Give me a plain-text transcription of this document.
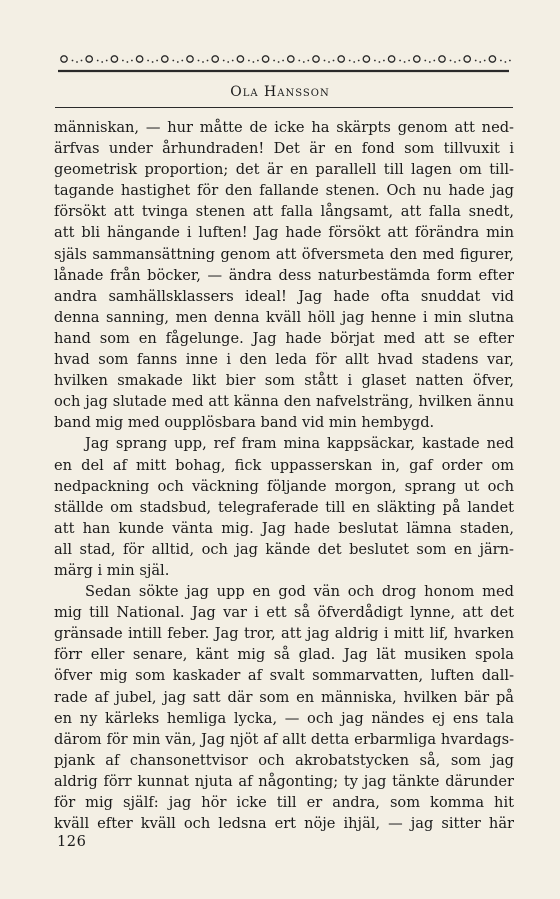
Ola Hansson
människan, — hur måtte de icke ha skärpts genom att ned-
ärfvas under århundraden! Det är en fond som tillvuxit i
geometrisk proportion; det är en parallell till lagen om till-
tagande hastighet för den fallande stenen. Och nu hade jag
försökt att tvinga stenen att falla långsamt, att falla snedt,
att bli hängande i luften! Jag hade försökt att förändra min
själs sammansättning genom att öfversmeta den med figurer,
lånade från böcker, — ändra dess naturbestämda form efter
andra samhällsklassers ideal! Jag hade ofta snuddat vid
denna sanning, men denna kväll höll jag henne i min slutna
hand som en fågelunge. Jag hade börjat med att se efter
hvad som fanns inne i den leda för allt hvad stadens var,
hvilken smakade likt bier som stått i glaset natten öfver,
och jag slutade med att känna den nafvelsträng, hvilken ännu
band mig med oupplösbara band vid min hembygd.
Jag sprang upp, ref fram mina kappsäckar, kastade ned
en del af mitt bohag, fick uppasserskan in, gaf order om
nedpackning och väckning följande morgon, sprang ut och
ställde om stadsbud, telegraferade till en släkting på landet
att han kunde vänta mig. Jag hade beslutat lämna staden,
all stad, för alltid, och jag kände det beslutet som en järn-
märg i min själ.
Sedan sökte jag upp en god vän och drog honom med
mig till National. Jag var i ett så öfverdådigt lynne, att det
gränsade intill feber. Jag tror, att jag aldrig i mitt lif, hvarken
förr eller senare, känt mig så glad. Jag lät musiken spola
öfver mig som kaskader af svalt sommarvatten, luften dall-
rade af jubel, jag satt där som en människa, hvilken bär på
en ny kärleks hemliga lycka, — och jag nändes ej ens tala
därom för min vän, Jag njöt af allt detta erbarmliga hvardags-
pjank af chansonettvisor och akrobatstycken så, som jag
aldrig förr kunnat njuta af någonting; ty jag tänkte därunder
för mig själf: jag hör icke till er andra, som komma hit
kväll efter kväll och ledsna ert nöje ihjäl, — jag sitter här
126
